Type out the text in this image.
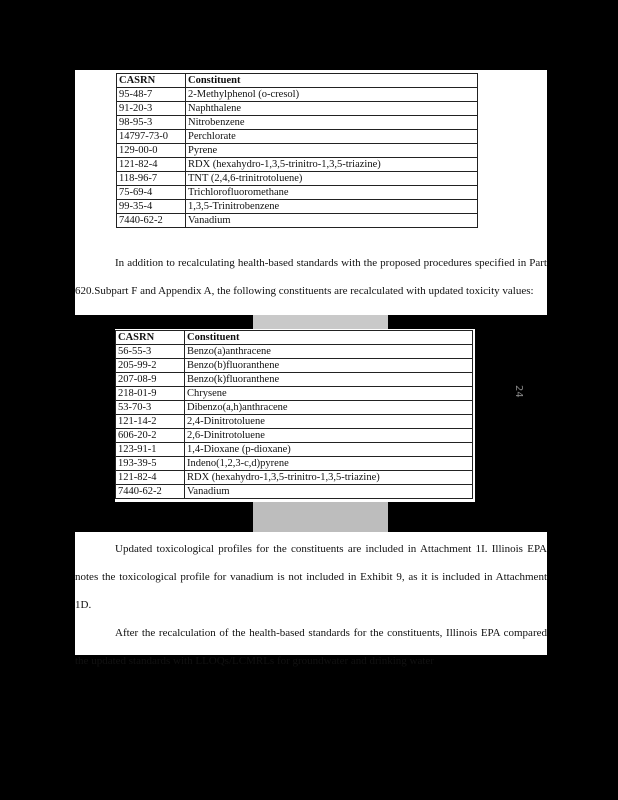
CASRN	Constituent
95-48-7	2-Methylphenol (o-cresol)
91-20-3	Naphthalene
98-95-3	Nitrobenzene
14797-73-0	Perchlorate
129-00-0	Pyrene
121-82-4	RDX (hexahydro-1,3,5-trinitro-1,3,5-triazine)
118-96-7	TNT (2,4,6-trinitrotoluene)
75-69-4	Trichlorofluoromethane
99-35-4	1,3,5-Trinitrobenzene
7440-62-2	Vanadium

In addition to recalculating health-based standards with the proposed procedures specified in Part 620.Subpart F and Appendix A, the following constituents are recalculated with updated toxicity values:

CASRN	Constituent
56-55-3	Benzo(a)anthracene
205-99-2	Benzo(b)fluoranthene
207-08-9	Benzo(k)fluoranthene
218-01-9	Chrysene
53-70-3	Dibenzo(a,h)anthracene
121-14-2	2,4-Dinitrotoluene
606-20-2	2,6-Dinitrotoluene
123-91-1	1,4-Dioxane (p-dioxane)
193-39-5	Indeno(1,2,3-c,d)pyrene
121-82-4	RDX (hexahydro-1,3,5-trinitro-1,3,5-triazine)
7440-62-2	Vanadium

Updated toxicological profiles for the constituents are included in Attachment 1I. Illinois EPA notes the toxicological profile for vanadium is not included in Exhibit 9, as it is included in Attachment 1D.

After the recalculation of the health-based standards for the constituents, Illinois EPA compared the updated standards with LLOQs/LCMRLs for groundwater and drinking water

24
